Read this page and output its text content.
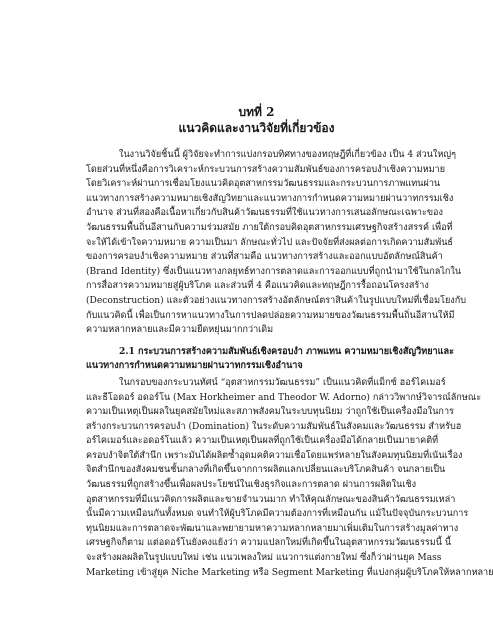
บทที่ 2

แนวคิดและงานวิจัยที่เกี่ยวข้อง

ในงานวิจัยชิ้นนี้ ผู้วิจัยจะทำการแบ่งกรอบทิศทางของทฤษฎีที่เกี่ยวข้อง เป็น 4 ส่วนใหญ่ๆ
โดยส่วนที่หนึ่งคือการวิเคราะห์กระบวนการสร้างความสัมพันธ์ของการครอบงำเชิงความหมาย
โดยวิเคราะห์ผ่านการเชื่อมโยงแนวคิดอุตสาหกรรมวัฒนธรรมและกระบวนการภาพแทนผ่าน
แนวทางการสร้างความหมายเชิงสัญวิทยาและแนวทางการกำหนดความหมายผ่านวาทกรรมเชิง
อำนาจ ส่วนที่สองคือเนื้อหาเกี่ยวกับสินค้าวัฒนธรรมที่ใช้แนวทางการเสนอลักษณะเฉพาะของ
วัฒนธรรมพื้นถิ่นอีสานกับความร่วมสมัย ภายใต้กรอบคิดอุตสาหกรรมเศรษฐกิจสร้างสรรค์ เพื่อที่
จะให้ได้เข้าใจความหมาย ความเป็นมา ลักษณะทั่วไป และปัจจัยที่ส่งผลต่อการเกิดความสัมพันธ์
ของการครอบงำเชิงความหมาย ส่วนที่สามคือ แนวทางการสร้างและออกแบบอัตลักษณ์สินค้า
(Brand Identity) ซึ่งเป็นแนวทางกลยุทธ์ทางการตลาดและการออกแบบที่ถูกนำมาใช้ในกลไกใน
การสื่อสารความหมายสู่ผู้บริโภค และส่วนที่ 4 คือแนวคิดและทฤษฎีการรื้อถอนโครงสร้าง
(Deconstruction) และตัวอย่างแนวทางการสร้างอัตลักษณ์ตราสินค้าในรูปแบบใหม่ที่เชื่อมโยงกับ
กับแนวคิดนี้ เพื่อเป็นการหาแนวทางในการปลดปล่อยความหมายของวัฒนธรรมพื้นถิ่นอีสานให้มี
ความหลากหลายและมีความยืดหยุ่นมากกว่าเดิม
2.1 กระบวนการสร้างความสัมพันธ์เชิงครอบงำ ภาพแทน ความหมายเชิงสัญวิทยาและ
แนวทางการกำหนดความหมายผ่านวาทกรรมเชิงอำนาจ
ในกรอบของกระบวนทัศน์ “อุตสาหกรรมวัฒนธรรม” เป็นแนวคิดที่แม็กซ์ ฮอร์ไคเมอร์
และธีโอดอร์ อดอร์โน (Max Horkheimer and Theodor W. Adorno) กล่าววิพากษ์วิจารณ์ลักษณะ
ความเป็นเหตุเป็นผลในยุคสมัยใหม่และสภาพสังคมในระบบทุนนิยม ว่าถูกใช้เป็นเครื่องมือในการ
สร้างกระบวนการครอบงำ (Domination) ในระดับความสัมพันธ์ในสังคมและวัฒนธรรม สำหรับฮ
อร์ไคเมอร์และอดอร์โนแล้ว ความเป็นเหตุเป็นผลที่ถูกใช้เป็นเครื่องมือได้กลายเป็นมายาคติที่
ครอบงำจิตใต้สำนึก เพราะมันได้ผลิตซ้ำอุดมคติความเชื่อโดยแพร่หลายในสังคมทุนนิยมที่เน้นเรื่อง
จิตสำนึกของสังคมชนชั้นกลางที่เกิดขึ้นจากการผลิตแลกเปลี่ยนและบริโภคสินค้า จนกลายเป็น
วัฒนธรรมที่ถูกสร้างขึ้นเพื่อผลประโยชน์ในเชิงธุรกิจและการตลาด ผ่านการผลิตในเชิง
อุตสาหกรรมที่มีแนวคิดการผลิตและขายจำนวนมาก ทำให้คุณลักษณะของสินค้าวัฒนธรรมเหล่า
นั้นมีความเหมือนกันทั้งหมด จนทำให้ผู้บริโภคมีความต้องการที่เหมือนกัน แม้ในปัจจุบันกระบวนการ
ทุนนิยมและการตลาดจะพัฒนาและพยายามหาความหลากหลายมาเพิ่มเติมในการสร้างมูลค่าทาง
เศรษฐกิจก็ตาม แต่อดอร์โนยังคงแย้งว่า ความแปลกใหม่ที่เกิดขึ้นในอุตสาหกรรมวัฒนธรรมนี้ นี้
จะสร้างผลผลิตในรูปแบบใหม่ เช่น แนวเพลงใหม่ แนวการแต่งกายใหม่ ซึ่งก็ว่าผ่านยุค Mass
Marketing เข้าสู่ยุค Niche Marketing หรือ Segment Marketing ที่แบ่งกลุ่มผู้บริโภคให้หลากหลาย
